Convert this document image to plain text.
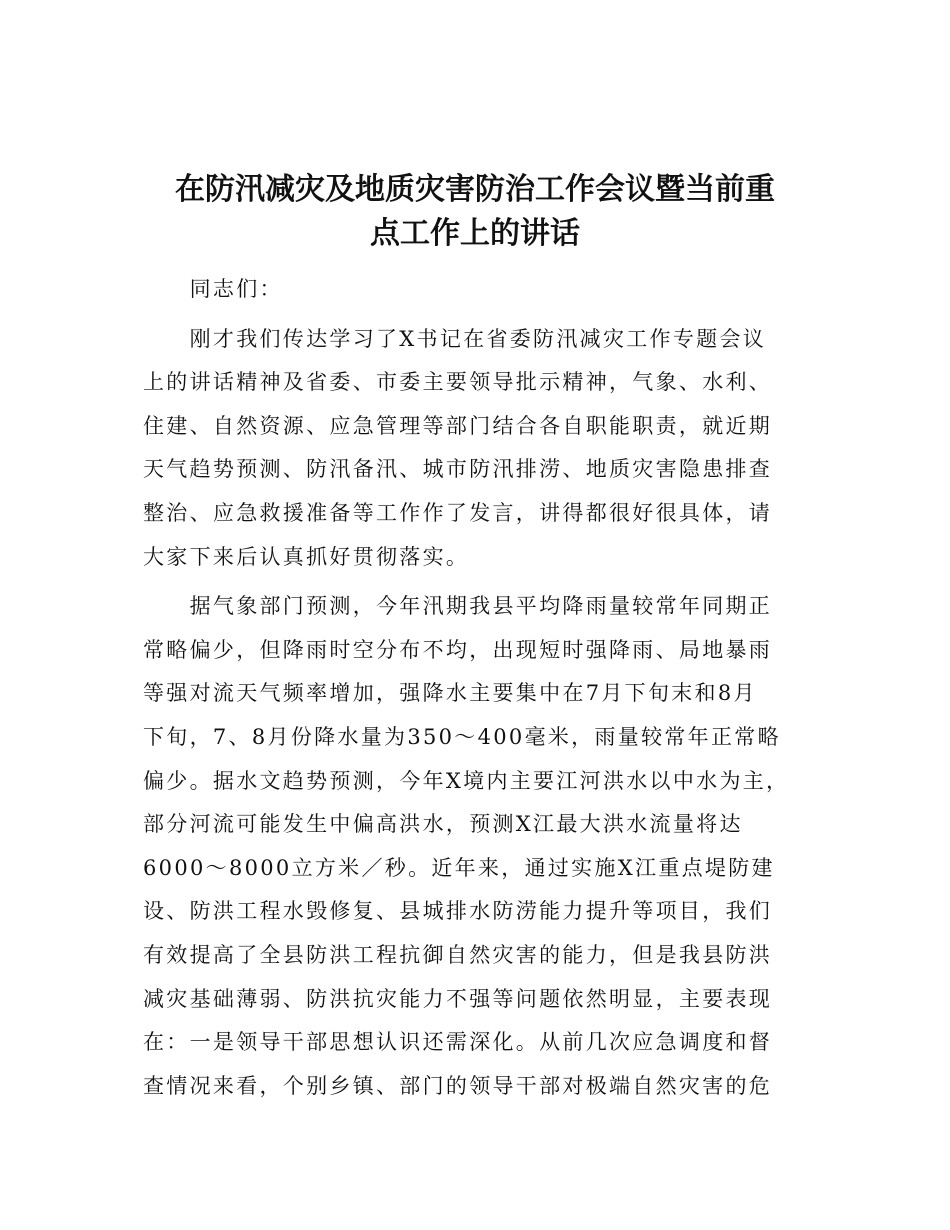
在防汛减灾及地质灾害防治工作会议暨当前重
点工作上的讲话
　　同志们：
　　刚才我们传达学习了X书记在省委防汛减灾工作专题会议
上的讲话精神及省委、市委主要领导批示精神，气象、水利、
住建、自然资源、应急管理等部门结合各自职能职责，就近期
天气趋势预测、防汛备汛、城市防汛排涝、地质灾害隐患排查
整治、应急救援准备等工作作了发言，讲得都很好很具体，请
大家下来后认真抓好贯彻落实。
　　据气象部门预测，今年汛期我县平均降雨量较常年同期正
常略偏少，但降雨时空分布不均，出现短时强降雨、局地暴雨
等强对流天气频率增加，强降水主要集中在7月下旬末和8月
下旬，7、8月份降水量为350～400毫米，雨量较常年正常略
偏少。据水文趋势预测，今年X境内主要江河洪水以中水为主，
部分河流可能发生中偏高洪水，预测X江最大洪水流量将达
6000～8000立方米／秒。近年来，通过实施X江重点堤防建
设、防洪工程水毁修复、县城排水防涝能力提升等项目，我们
有效提高了全县防洪工程抗御自然灾害的能力，但是我县防洪
减灾基础薄弱、防洪抗灾能力不强等问题依然明显，主要表现
在：一是领导干部思想认识还需深化。从前几次应急调度和督
查情况来看，个别乡镇、部门的领导干部对极端自然灾害的危
